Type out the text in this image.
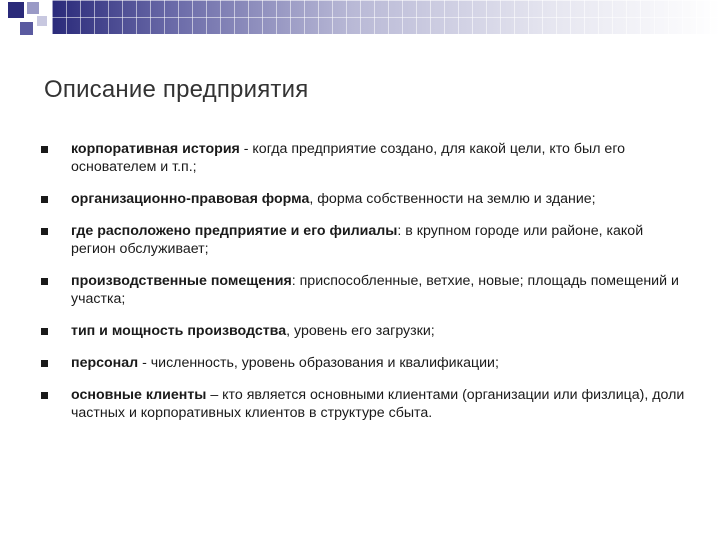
Описание предприятия
корпоративная история - когда предприятие создано, для какой цели, кто был его основателем и т.п.;
организационно-правовая форма, форма собственности на землю и здание;
где расположено предприятие и его филиалы: в крупном городе или районе, какой регион обслуживает;
производственные помещения: приспособленные, ветхие, новые; площадь помещений и участка;
тип и мощность производства, уровень его загрузки;
персонал - численность, уровень образования и квалификации;
основные клиенты – кто является основными клиентами (организации или физлица), доли частных и корпоративных клиентов в структуре сбыта.
